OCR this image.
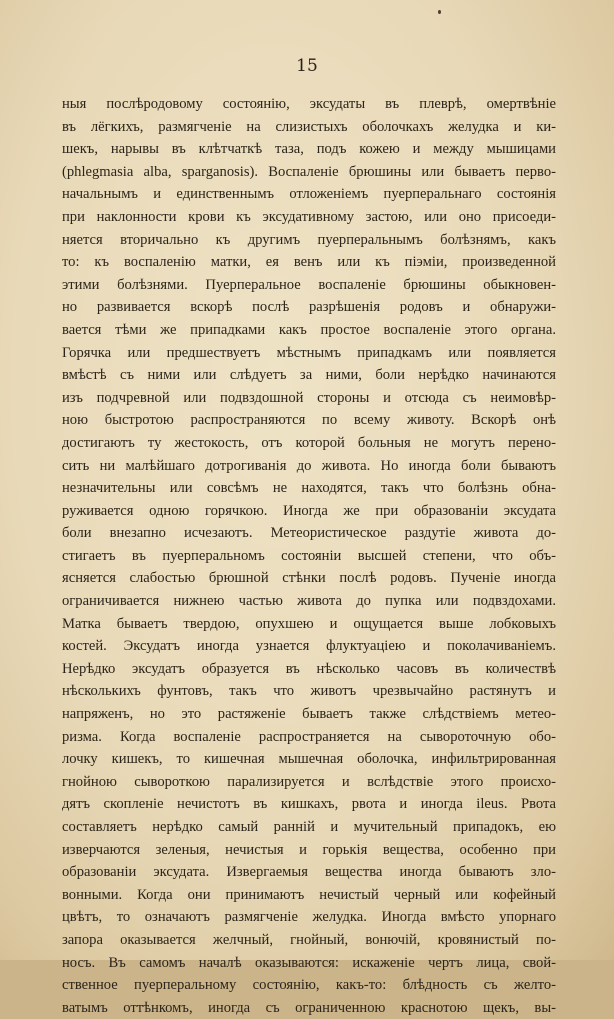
15
ныя послѣродовому состоянію, эксудаты въ плеврѣ, омертвѣніе
въ лёгкихъ, размягченіе на слизистыхъ оболочкахъ желудка и ки-
шекъ, нарывы въ клѣтчаткѣ таза, подъ кожею и между мышицами
(phlegmasia alba, sparganosis). Воспаленіе брюшины или бываетъ перво-
начальнымъ и единственнымъ отложеніемъ пуерперальнаго состоянія
при наклонности крови къ эксудативному застою, или оно присоеди-
няется вторичально къ другимъ пуерперальнымъ болѣзнямъ, какъ
то: къ воспаленію матки, ея венъ или къ піэміи, произведенной
этими болѣзнями. Пуерперальное воспаленіе брюшины обыкновен-
но развивается вскорѣ послѣ разрѣшенія родовъ и обнаружи-
вается тѣми же припадками какъ простое воспаленіе этого органа.
Горячка или предшествуетъ мѣстнымъ припадкамъ или появляется
вмѣстѣ съ ними или слѣдуетъ за ними, боли нерѣдко начинаются
изъ подчревной или подвздошной стороны и отсюда съ неимовѣр-
ною быстротою распространяются по всему животу. Вскорѣ онѣ
достигаютъ ту жестокость, отъ которой больныя не могутъ перено-
сить ни малѣйшаго дотрогиванія до живота. Но иногда боли бываютъ
незначительны или совсѣмъ не находятся, такъ что болѣзнь обна-
руживается одною горячкою. Иногда же при образованіи эксудата
боли внезапно исчезаютъ. Метеористическое раздутіе живота до-
стигаетъ въ пуерперальномъ состояніи высшей степени, что объ-
ясняется слабостью брюшной стѣнки послѣ родовъ. Пученіе иногда
ограничивается нижнею частью живота до пупка или подвздохами.
Матка бываетъ твердою, опухшею и ощущается выше лобковыхъ
костей. Эксудатъ иногда узнается флуктуаціею и поколачиваніемъ.
Нерѣдко эксудатъ образуется въ нѣсколько часовъ въ количествѣ
нѣсколькихъ фунтовъ, такъ что животъ чрезвычайно растянутъ и
напряженъ, но это растяженіе бываетъ также слѣдствіемъ метео-
ризма. Когда воспаленіе распространяется на сывороточную обо-
лочку кишекъ, то кишечная мышечная оболочка, инфильтрированная
гнойною сывороткою парализируется и вслѣдствіе этого происхо-
дятъ скопленіе нечистотъ въ кишкахъ, рвота и иногда ileus. Рвота
составляетъ нерѣдко самый ранній и мучительный припадокъ, ею
изверчаются зеленыя, нечистыя и горькія вещества, особенно при
образованіи эксудата. Извергаемыя вещества иногда бываютъ зло-
вонными. Когда они принимаютъ нечистый черный или кофейный
цвѣтъ, то означаютъ размягченіе желудка. Иногда вмѣсто упорнаго
запора оказывается желчный, гнойный, вонючій, кровянистый по-
носъ. Въ самомъ началѣ оказываются: искаженіе чертъ лица, свой-
ственное пуерперальному состоянію, какъ-то: блѣдность съ желто-
ватымъ оттѣнкомъ, иногда съ ограниченною краснотою щекъ, вы-
